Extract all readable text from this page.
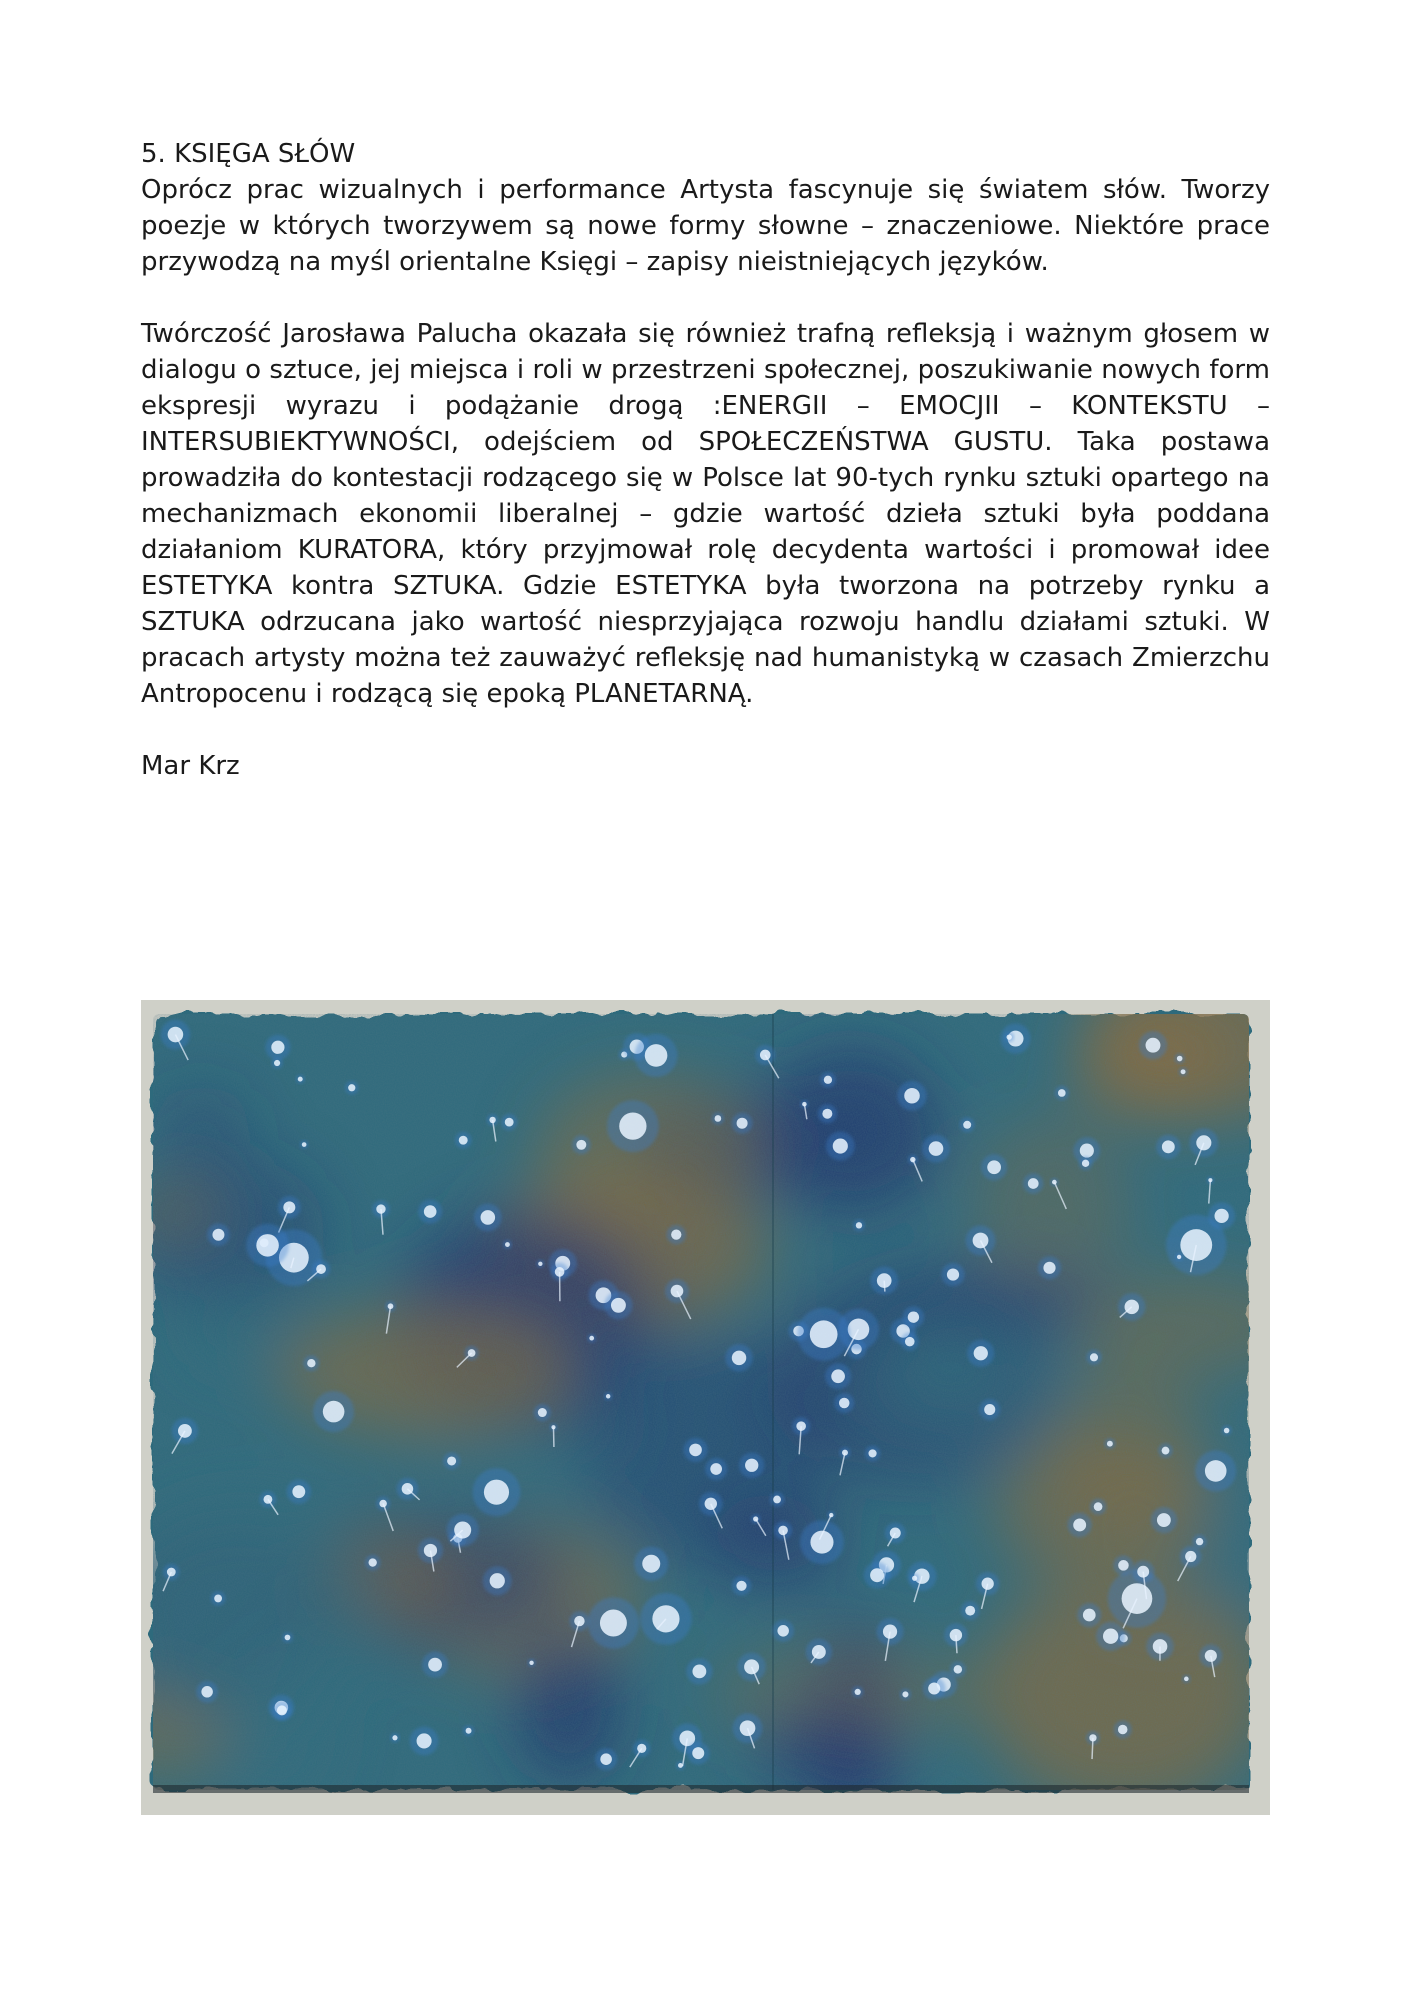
5. KSIĘGA SŁÓW

Oprócz prac wizualnych i performance Artysta fascynuje się światem słów. Tworzy poezje w których tworzywem są nowe formy słowne – znaczeniowe. Niektóre prace przywodzą na myśl orientalne Księgi – zapisy nieistniejących języków.

Twórczość Jarosława Palucha okazała się również trafną refleksją i ważnym głosem w dialogu o sztuce, jej miejsca i roli w przestrzeni społecznej, poszukiwanie nowych form ekspresji wyrazu i podążanie drogą :ENERGII – EMOCJII – KONTEKSTU – INTERSUBIEKTYWNOŚCI, odejściem od SPOŁECZEŃSTWA GUSTU. Taka postawa prowadziła do kontestacji rodzącego się w Polsce lat 90-tych rynku sztuki opartego na mechanizmach ekonomii liberalnej – gdzie wartość dzieła sztuki była poddana działaniom KURATORA, który przyjmował rolę decydenta wartości i promował idee ESTETYKA kontra SZTUKA. Gdzie ESTETYKA była tworzona na potrzeby rynku a SZTUKA odrzucana jako wartość niesprzyjająca rozwoju handlu działami sztuki. W pracach artysty można też zauważyć refleksję nad humanistyką w czasach Zmierzchu Antropocenu i rodzącą się epoką PLANETARNĄ.

Mar Krz
